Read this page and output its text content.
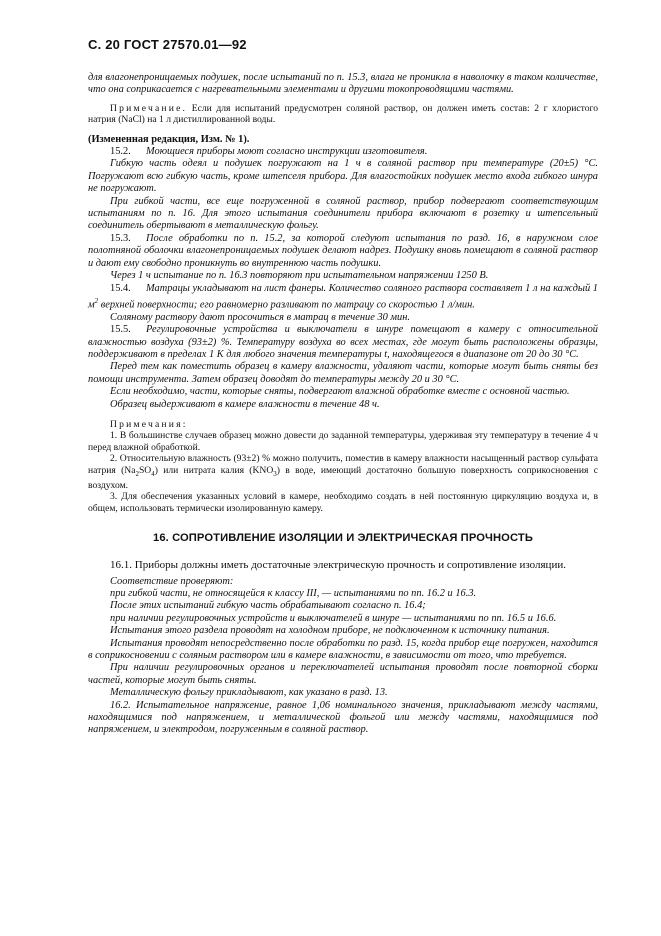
С. 20 ГОСТ 27570.01—92

для влагонепроницаемых подушек, после испытаний по п. 15.3, влага не проникла в наволочку в таком количестве, что она соприкасается с нагревательными элементами и другими токопроводящими частями.

Примечание. Если для испытаний предусмотрен соляной раствор, он должен иметь состав: 2 г хлористого натрия (NaCl) на 1 л дистиллированной воды.

(Измененная редакция, Изм. № 1).

15.2. Моющиеся приборы моют согласно инструкции изготовителя.

Гибкую часть одеял и подушек погружают на 1 ч в соляной раствор при температуре (20±5) °С. Погружают всю гибкую часть, кроме штепселя прибора. Для влагостойких подушек место входа гибкого шнура не погружают.

При гибкой части, все еще погруженной в соляной раствор, прибор подвергают соответствующим испытаниям по п. 16. Для этого испытания соединители прибора включают в розетку и штепсельный соединитель обертывают в металлическую фольгу.

15.3. После обработки по п. 15.2, за которой следуют испытания по разд. 16, в наружном слое полотняной оболочки влагонепроницаемых подушек делают надрез. Подушку вновь помещают в соляной раствор и дают ему свободно проникнуть во внутреннюю часть подушки.

Через 1 ч испытание по п. 16.3 повторяют при испытательном напряжении 1250 В.

15.4. Матрацы укладывают на лист фанеры. Количество соляного раствора составляет 1 л на каждый 1 $м^2$ верхней поверхности; его равномерно разливают по матрацу со скоростью 1 л/мин.

Соляному раствору дают просочиться в матрац в течение 30 мин.

15.5. Регулировочные устройства и выключатели в шнуре помещают в камеру с относительной влажностью воздуха (93±2) %. Температуру воздуха во всех местах, где могут быть расположены образцы, поддерживают в пределах 1 К для любого значения температуры t, находящегося в диапазоне от 20 до 30 °С.

Перед тем как поместить образец в камеру влажности, удаляют части, которые могут быть сняты без помощи инструмента. Затем образец доводят до температуры между 20 и 30 °С.

Если необходимо, части, которые сняты, подвергают влажной обработке вместе с основной частью.

Образец выдерживают в камере влажности в течение 48 ч.

Примечания:

1. В большинстве случаев образец можно довести до заданной температуры, удерживая эту температуру в течение 4 ч перед влажной обработкой.

2. Относительную влажность (93±2) % можно получить, поместив в камеру влажности насыщенный раствор сульфата натрия $(Na_2SO_4)$ или нитрата калия $(KNO_3)$ в воде, имеющий достаточно большую поверхность соприкосновения с воздухом.

3. Для обеспечения указанных условий в камере, необходимо создать в ней постоянную циркуляцию воздуха и, в общем, использовать термически изолированную камеру.

16. СОПРОТИВЛЕНИЕ ИЗОЛЯЦИИ И ЭЛЕКТРИЧЕСКАЯ ПРОЧНОСТЬ

16.1. Приборы должны иметь достаточные электрическую прочность и сопротивление изоляции.

Соответствие проверяют:

при гибкой части, не относящейся к классу III, — испытаниями по пп. 16.2 и 16.3.

После этих испытаний гибкую часть обрабатывают согласно п. 16.4;

при наличии регулировочных устройств и выключателей в шнуре — испытаниями по пп. 16.5 и 16.6.

Испытания этого раздела проводят на холодном приборе, не подключенном к источнику питания.

Испытания проводят непосредственно после обработки по разд. 15, когда прибор еще погружен, находится в соприкосновении с соляным раствором или в камере влажности, в зависимости от того, что требуется.

При наличии регулировочных органов и переключателей испытания проводят после повторной сборки частей, которые могут быть сняты.

Металлическую фольгу прикладывают, как указано в разд. 13.

16.2. Испытательное напряжение, равное 1,06 номинального значения, прикладывают между частями, находящимися под напряжением, и металлической фольгой или между частями, находящимися под напряжением, и электродом, погруженным в соляной раствор.
